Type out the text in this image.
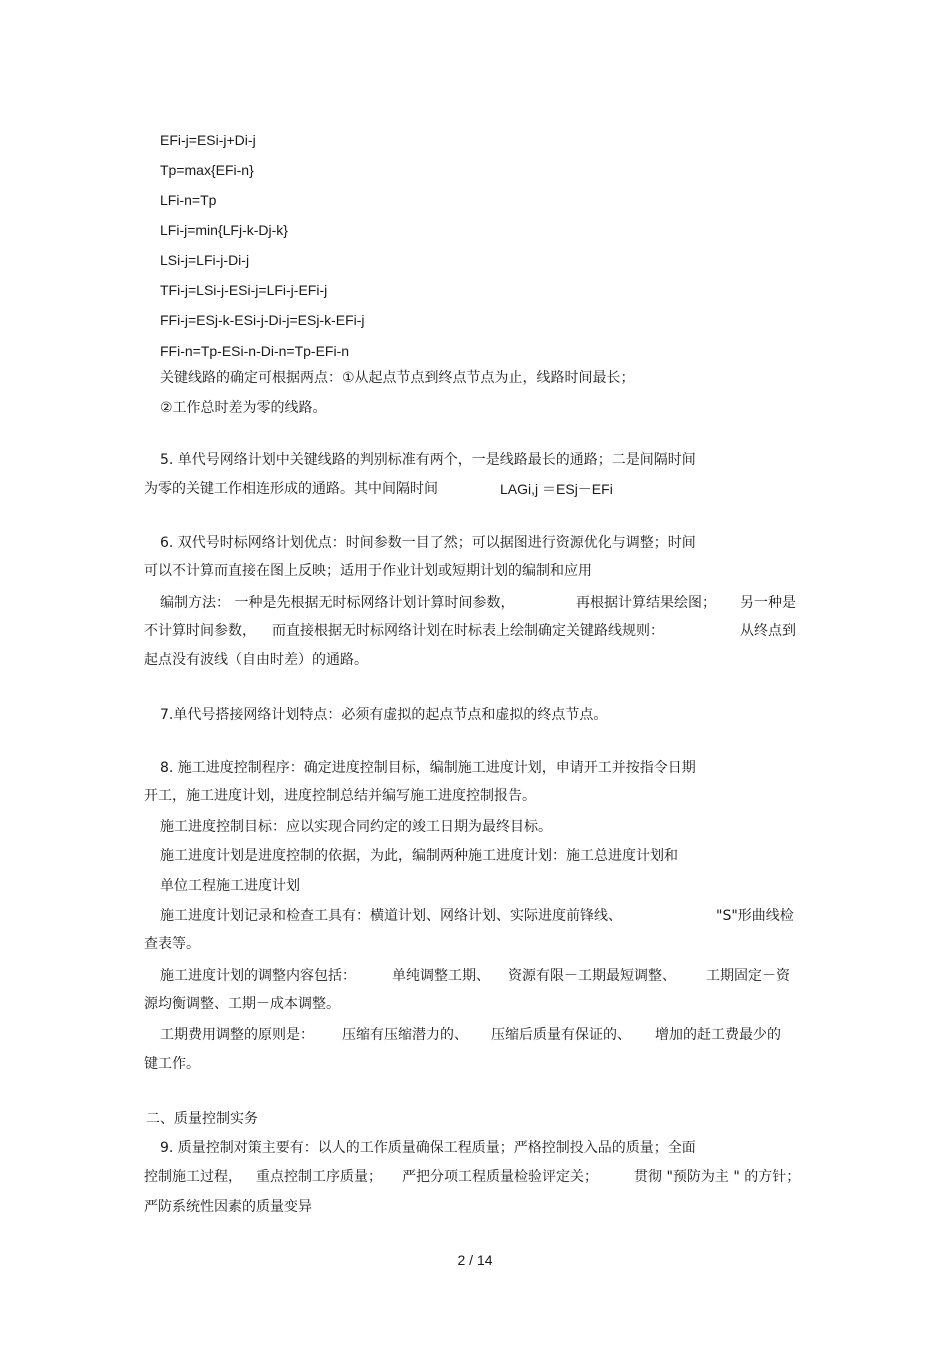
EFi-j=ESi-j+Di-j
Tp=max{EFi-n}
LFi-n=Tp
LFi-j=min{LFj-k-Dj-k}
LSi-j=LFi-j-Di-j
TFi-j=LSi-j-ESi-j=LFi-j-EFi-j
FFi-j=ESj-k-ESi-j-Di-j=ESj-k-EFi-j
FFi-n=Tp-ESi-n-Di-n=Tp-EFi-n
关键线路的确定可根据两点：①从起点节点到终点节点为止，线路时间最长；
②工作总时差为零的线路。
5. 单代号网络计划中关键线路的判别标准有两个，一是线路最长的通路；二是间隔时间
为零的关键工作相连形成的通路。其中间隔时间	LAGi,j ＝ESj－EFi
6. 双代号时标网络计划优点：时间参数一目了然；可以据图进行资源优化与调整；时间
可以不计算而直接在图上反映；适用于作业计划或短期计划的编制和应用
编制方法： 一种是先根据无时标网络计划计算时间参数，	再根据计算结果绘图； 另一种是
不计算时间参数， 而直接根据无时标网络计划在时标表上绘制确定关键路线规则：	从终点到
起点没有波线（自由时差）的通路。
7.单代号搭接网络计划特点：必须有虚拟的起点节点和虚拟的终点节点。
8. 施工进度控制程序：确定进度控制目标，编制施工进度计划，申请开工并按指令日期
开工，施工进度计划，进度控制总结并编写施工进度控制报告。
施工进度控制目标：应以实现合同约定的竣工日期为最终目标。
施工进度计划是进度控制的依据，为此，编制两种施工进度计划：施工总进度计划和
单位工程施工进度计划
施工进度计划记录和检查工具有：横道计划、网络计划、实际进度前锋线、	"S"形曲线检
查表等。
施工进度计划的调整内容包括：	单纯调整工期、 资源有限－工期最短调整、 工期固定－资
源均衡调整、工期－成本调整。
工期费用调整的原则是： 压缩有压缩潜力的、 压缩后质量有保证的、 增加的赶工费最少的
键工作。
二、质量控制实务
9. 质量控制对策主要有：以人的工作质量确保工程质量；严格控制投入品的质量；全面
控制施工过程， 重点控制工序质量； 严把分项工程质量检验评定关；	贯彻 "预防为主 " 的方针；
严防系统性因素的质量变异
2 / 14
